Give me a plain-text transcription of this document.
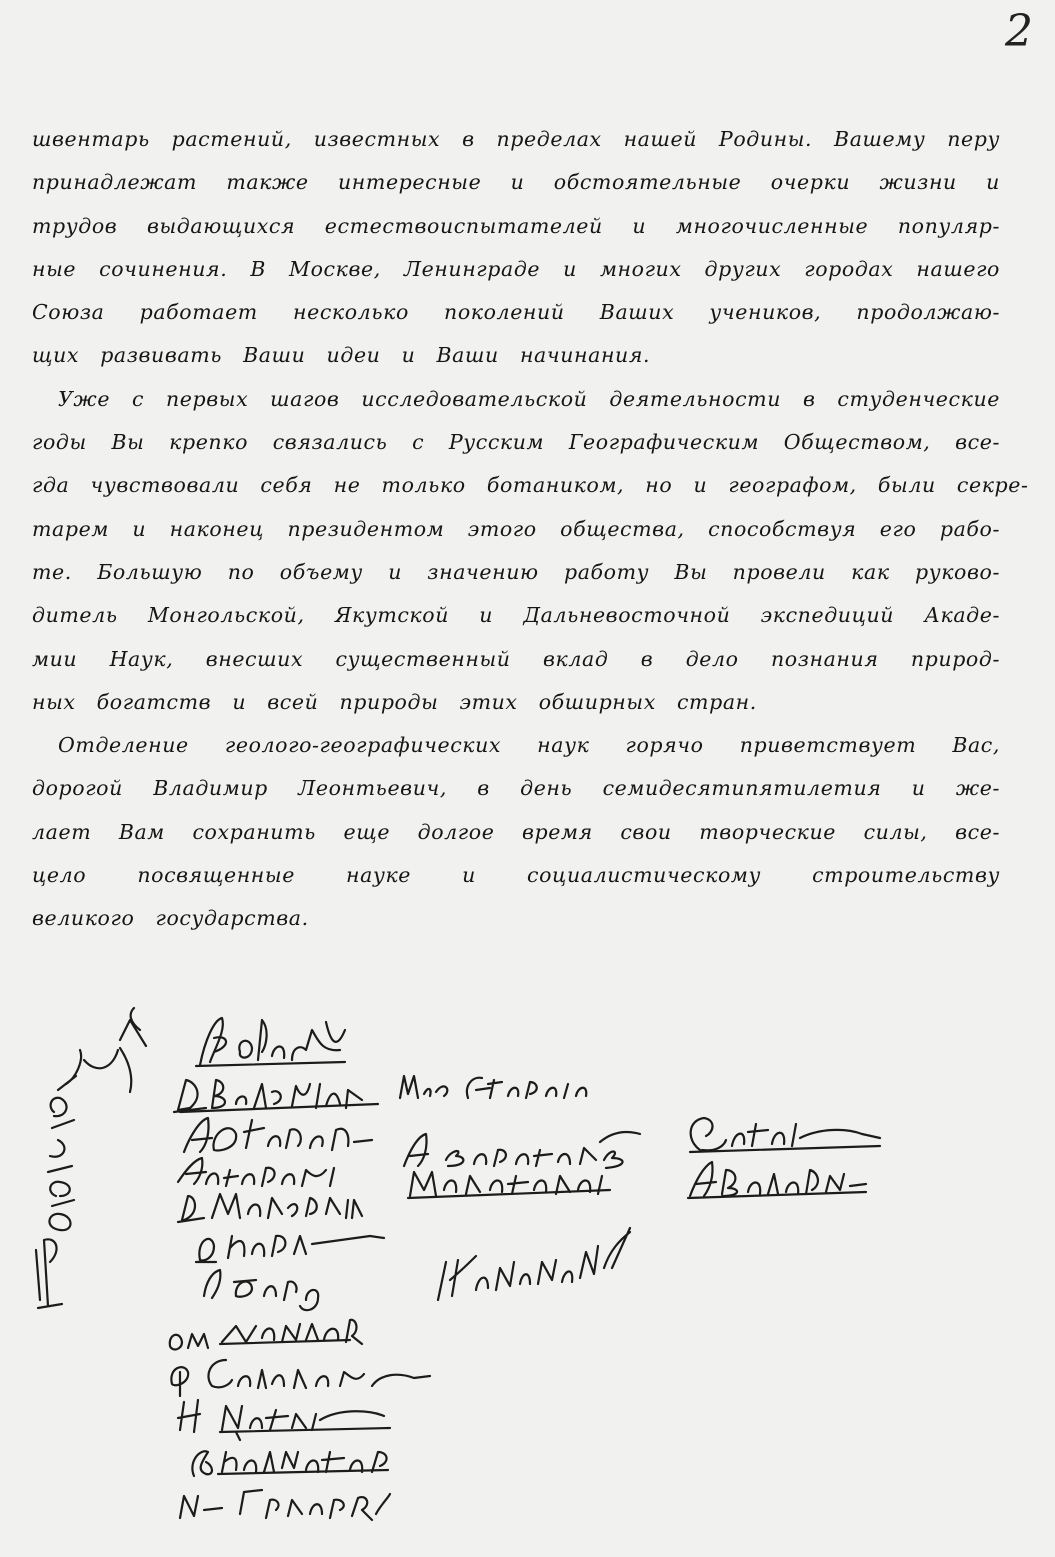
2
швентарь растений, известных в пределах нашей Родины. Вашему перу
принадлежат также интересные и обстоятельные очерки жизни и
трудов выдающихся естествоиспытателей и многочисленные популяр-
ные сочинения. В Москве, Ленинграде и многих других городах нашего
Союза работает несколько поколений Ваших учеников, продолжаю-
щих развивать Ваши идеи и Ваши начинания.
Уже с первых шагов исследовательской деятельности в студенческие
годы Вы крепко связались с Русским Географическим Обществом, все-
гда чувствовали себя не только ботаником, но и географом, были секре-
тарем и наконец президентом этого общества, способствуя его рабо-
те. Большую по объему и значению работу Вы провели как руково-
дитель Монгольской, Якутской и Дальневосточной экспедиций Акаде-
мии Наук, внесших существенный вклад в дело познания природ-
ных богатств и всей природы этих обширных стран.
Отделение геолого-географических наук горячо приветствует Вас,
дорогой Владимир Леонтьевич, в день семидесятипятилетия и же-
лает Вам сохранить еще долгое время свои творческие силы, все-
цело посвященные науке и социалистическому строительству
великого государства.
